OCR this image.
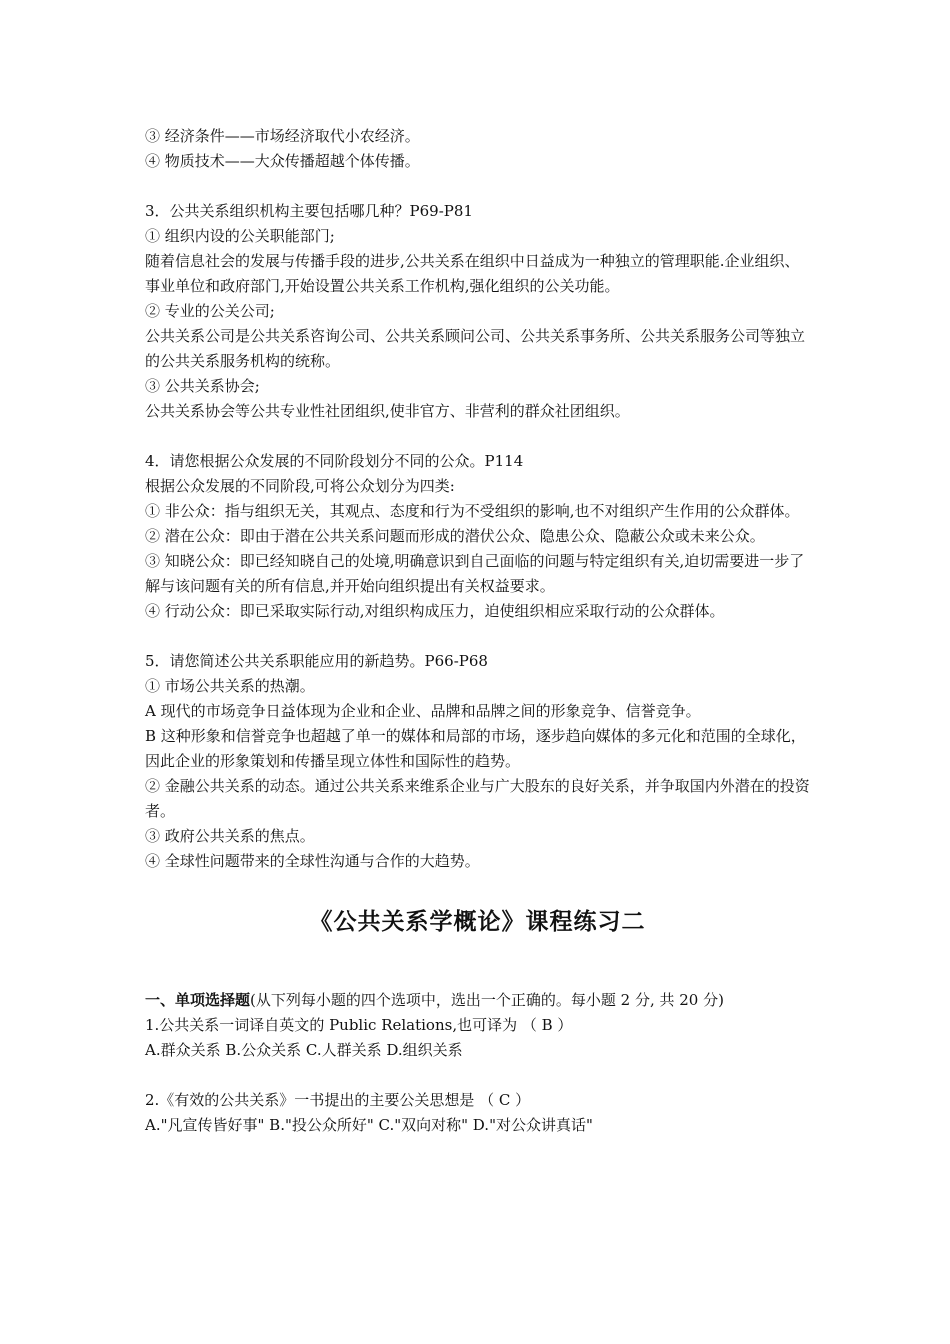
③ 经济条件——市场经济取代小农经济。

④ 物质技术——大众传播超越个体传播。

3．公共关系组织机构主要包括哪几种？P69-P81

① 组织内设的公关职能部门;

随着信息社会的发展与传播手段的进步,公共关系在组织中日益成为一种独立的管理职能.企业组织、事业单位和政府部门,开始设置公共关系工作机构,强化组织的公关功能。

② 专业的公关公司;

公共关系公司是公共关系咨询公司、公共关系顾问公司、公共关系事务所、公共关系服务公司等独立的公共关系服务机构的统称。

③ 公共关系协会;

公共关系协会等公共专业性社团组织,使非官方、非营利的群众社团组织。

4．请您根据公众发展的不同阶段划分不同的公众。P114

根据公众发展的不同阶段,可将公众划分为四类:

① 非公众：指与组织无关，其观点、态度和行为不受组织的影响,也不对组织产生作用的公众群体。

② 潜在公众：即由于潜在公共关系问题而形成的潜伏公众、隐患公众、隐蔽公众或未来公众。

③ 知晓公众：即已经知晓自己的处境,明确意识到自己面临的问题与特定组织有关,迫切需要进一步了解与该问题有关的所有信息,并开始向组织提出有关权益要求。

④ 行动公众：即已采取实际行动,对组织构成压力，迫使组织相应采取行动的公众群体。

5．请您简述公共关系职能应用的新趋势。P66-P68

① 市场公共关系的热潮。

A 现代的市场竞争日益体现为企业和企业、品牌和品牌之间的形象竞争、信誉竞争。

B 这种形象和信誉竞争也超越了单一的媒体和局部的市场，逐步趋向媒体的多元化和范围的全球化，因此企业的形象策划和传播呈现立体性和国际性的趋势。

② 金融公共关系的动态。通过公共关系来维系企业与广大股东的良好关系，并争取国内外潜在的投资者。

③ 政府公共关系的焦点。

④ 全球性问题带来的全球性沟通与合作的大趋势。

《公共关系学概论》课程练习二

一、单项选择题(从下列每小题的四个选项中，选出一个正确的。每小题 2 分, 共 20 分)

1.公共关系一词译自英文的 Public Relations,也可译为 （ B ）

A.群众关系 B.公众关系 C.人群关系 D.组织关系

2.《有效的公共关系》一书提出的主要公关思想是 （ C ）

A."凡宣传皆好事" B."投公众所好" C."双向对称" D."对公众讲真话"
